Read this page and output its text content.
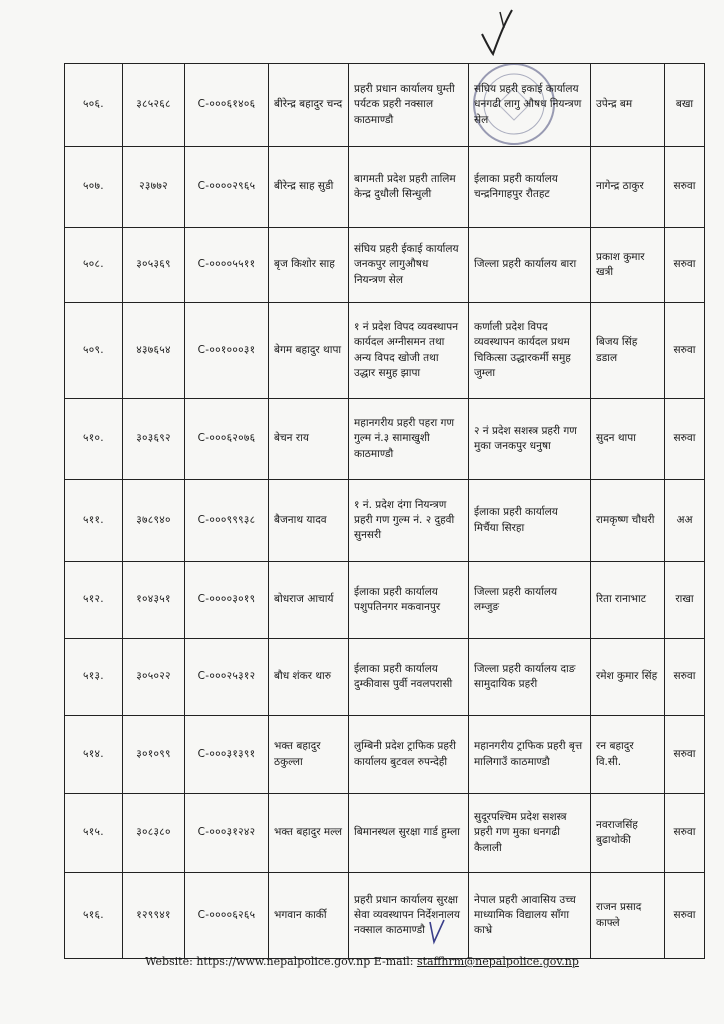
५०६.	३८५२६८	C-०००६१४०६	बीरेन्द्र बहादुर चन्द	प्रहरी प्रधान कार्यालय घुम्ती पर्यटक प्रहरी नक्साल काठमाण्डौ	संघिय प्रहरी इकाई कार्यालय धनगढी लागु औषध नियन्त्रण सेल	उपेन्द्र बम	बखा
५०७.	२३७७२	C-००००२९६५	बीरेन्द्र साह सुडी	बागमती प्रदेश प्रहरी तालिम केन्द्र दुधौली सिन्धुली	ईलाका प्रहरी कार्यालय चन्द्रनिगाहपुर रौतहट	नागेन्द्र ठाकुर	सरुवा
५०८.	३०५३६९	C-००००५५११	बृज किशोर साह	संघिय प्रहरी ईकाई कार्यालय जनकपुर लागुऔषध नियन्त्रण सेल	जिल्ला प्रहरी कार्यालय बारा	प्रकाश कुमार खत्री	सरुवा
५०९.	४३७६५४	C-००१०००३१	बेगम बहादुर थापा	१ नं प्रदेश विपद व्यवस्थापन कार्यदल अग्नीसमन तथा अन्य विपद खोजी तथा उद्धार समुह झापा	कर्णाली प्रदेश विपद व्यवस्थापन कार्यदल प्रथम चिकित्सा उद्धारकर्मी समुह जुम्ला	बिजय सिंह डडाल	सरुवा
५१०.	३०३६९२	C-०००६२०७६	बेचन राय	महानगरीय प्रहरी पहरा गण गुल्म नं.३ सामाखुशी काठमाण्डौ	२ नं प्रदेश सशस्त्र प्रहरी गण मुका जनकपुर धनुषा	सुदन थापा	सरुवा
५११.	३७८९४०	C-०००९९९३८	बैजनाथ यादव	१ नं. प्रदेश दंगा नियन्त्रण प्रहरी गण गुल्म नं. २ दुहवी सुनसरी	ईलाका प्रहरी कार्यालय मिर्चैया सिरहा	रामकृष्ण चौधरी	अअ
५१२.	१०४३५१	C-००००३०१९	बोधराज आचार्य	ईलाका प्रहरी कार्यालय पशुपतिनगर मकवानपुर	जिल्ला प्रहरी कार्यालय लम्जुङ	रिता रानाभाट	राखा
५१३.	३०५०२२	C-०००२५३१२	बौध शंकर थारु	ईलाका प्रहरी कार्यालय दुम्कीवास पुर्वी नवलपरासी	जिल्ला प्रहरी कार्यालय दाङ सामुदायिक प्रहरी	रमेश कुमार सिंह	सरुवा
५१४.	३०१०९९	C-०००३१३९१	भक्त बहादुर ठकुल्ला	लुम्बिनी प्रदेश ट्राफिक प्रहरी कार्यालय बुटवल रुपन्देही	महानगरीय ट्राफिक प्रहरी बृत्त मालिगाउँ काठमाण्डौ	रन बहादुर वि.सी.	सरुवा
५१५.	३०८३८०	C-०००३१२४२	भक्त बहादुर मल्ल	बिमानस्थल सुरक्षा गार्ड हुम्ला	सुदूरपश्चिम प्रदेश सशस्त्र प्रहरी गण मुका धनगढी कैलाली	नवराजसिंह बुढाथोकी	सरुवा
५१६.	१२९९४१	C-००००६२६५	भगवान कार्की	प्रहरी प्रधान कार्यालय सुरक्षा सेवा व्यवस्थापन निर्देशनालय नक्साल काठमाण्डौ	नेपाल प्रहरी आवासिय उच्च माध्यामिक विद्यालय साँगा काभ्रे	राजन प्रसाद काफ्ले	सरुवा
Website: https://www.nepalpolice.gov.np E-mail: staffhrm@nepalpolice.gov.np
